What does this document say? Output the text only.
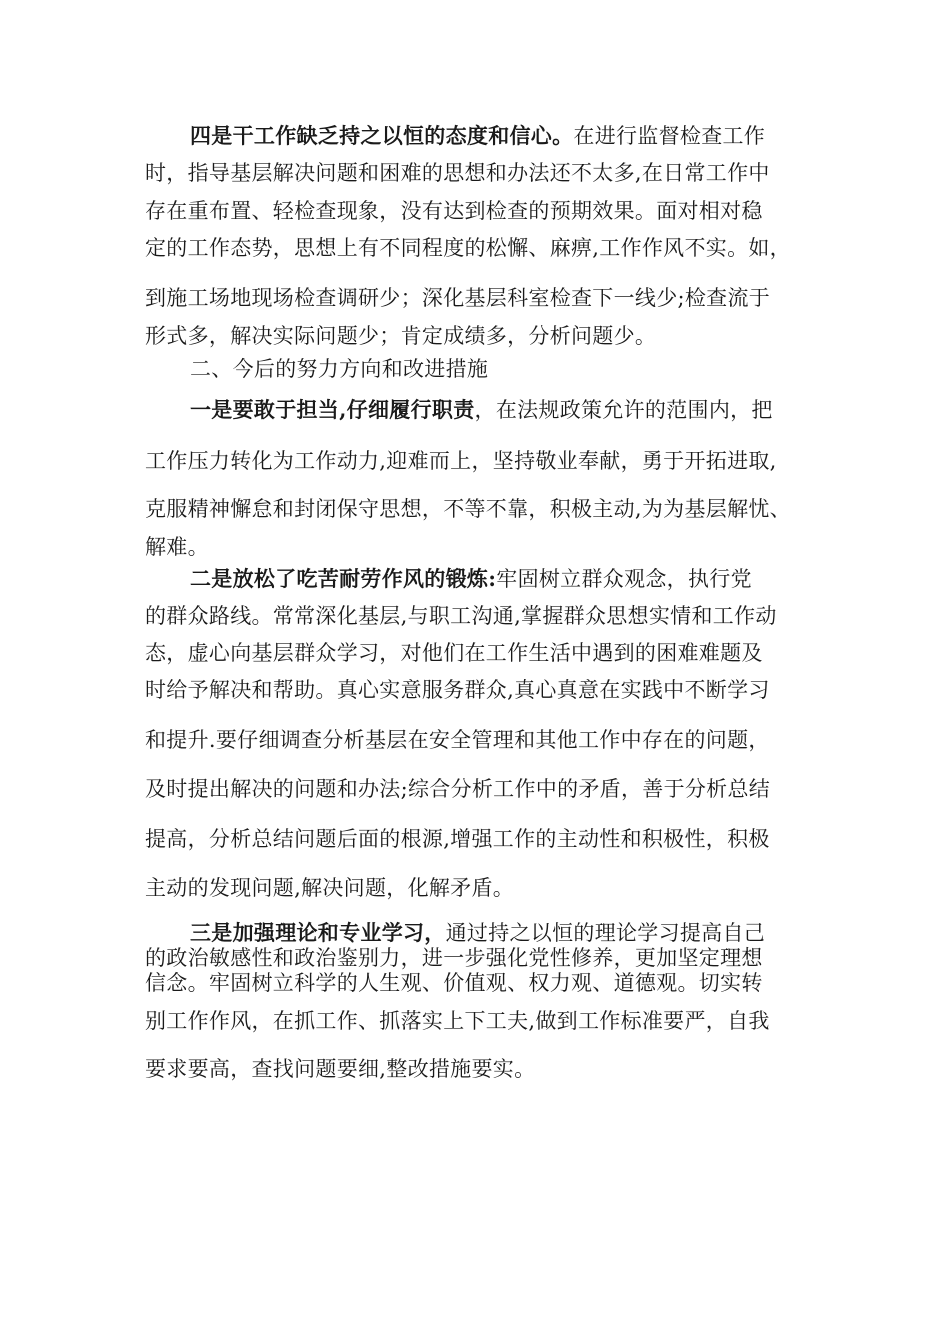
四是干工作缺乏持之以恒的态度和信心。在进行监督检查工作
时，指导基层解决问题和困难的思想和办法还不太多,在日常工作中
存在重布置、轻检查现象，没有达到检查的预期效果。面对相对稳
定的工作态势，思想上有不同程度的松懈、麻痹,工作作风不实。如，
到施工场地现场检查调研少；深化基层科室检查下一线少;检查流于
形式多，解决实际问题少；肯定成绩多，分析问题少。
二、今后的努力方向和改进措施
一是要敢于担当,仔细履行职责，在法规政策允许的范围内，把
工作压力转化为工作动力,迎难而上，坚持敬业奉献，勇于开拓进取,
克服精神懈怠和封闭保守思想，不等不靠，积极主动,为为基层解忧、
解难。
二是放松了吃苦耐劳作风的锻炼:牢固树立群众观念，执行党
的群众路线。常常深化基层,与职工沟通,掌握群众思想实情和工作动
态，虚心向基层群众学习，对他们在工作生活中遇到的困难难题及
时给予解决和帮助。真心实意服务群众,真心真意在实践中不断学习
和提升.要仔细调查分析基层在安全管理和其他工作中存在的问题，
及时提出解决的问题和办法;综合分析工作中的矛盾，善于分析总结
提高，分析总结问题后面的根源,增强工作的主动性和积极性，积极
主动的发现问题,解决问题，化解矛盾。
三是加强理论和专业学习，通过持之以恒的理论学习提高自己
的政治敏感性和政治鉴别力，进一步强化党性修养，更加坚定理想
信念。牢固树立科学的人生观、价值观、权力观、道德观。切实转
别工作作风，在抓工作、抓落实上下工夫,做到工作标准要严，自我
要求要高，查找问题要细,整改措施要实。
